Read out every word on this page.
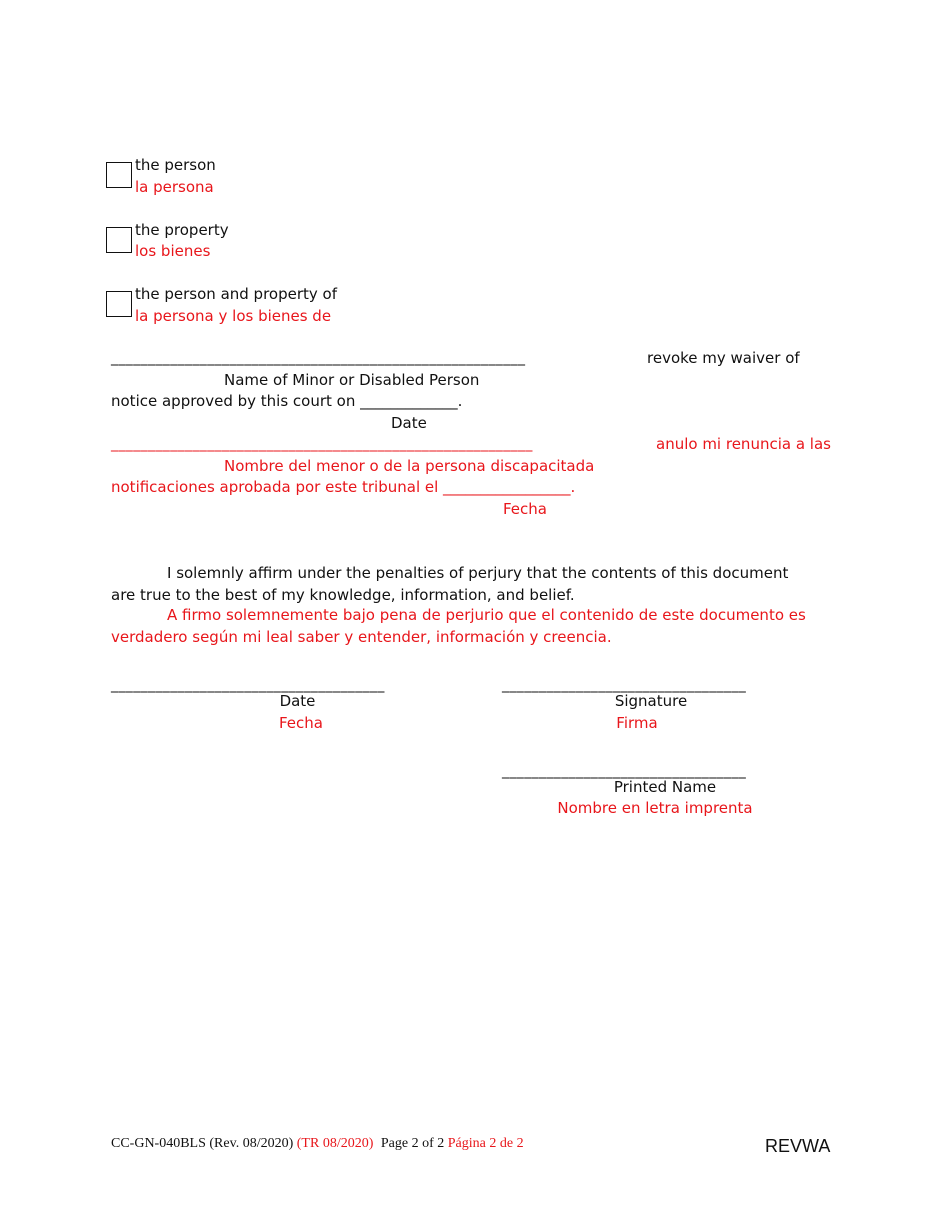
the person
la persona
the property
los bienes
the person and property of
la persona y los bienes de
________________________________________________________	revoke my waiver of
Name of Minor or Disabled Person
notice approved by this court on _____________.
Date
_________________________________________________________	anulo mi renuncia a las
Nombre del menor o de la persona discapacitada
notificaciones aprobada por este tribunal el _________________.
Fecha
I solemnly affirm under the penalties of perjury that the contents of this document are true to the best of my knowledge, information, and belief.
A firmo solemnemente bajo pena de perjurio que el contenido de este documento es verdadero según mi leal saber y entender, información y creencia.
_____________________________________
Date
Fecha
_________________________________
Signature
Firma
_________________________________
Printed Name
Nombre en letra imprenta
CC-GN-040BLS (Rev. 08/2020) (TR 08/2020) Page 2 of 2 Página 2 de 2	REVWA
